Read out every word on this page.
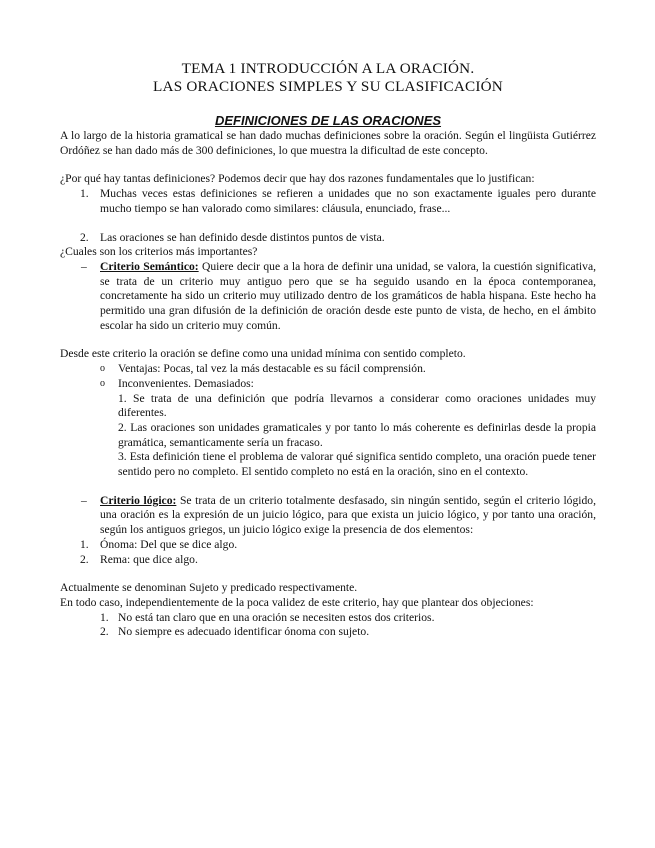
TEMA 1 INTRODUCCIÓN A LA ORACIÓN.
LAS ORACIONES SIMPLES Y SU CLASIFICACIÓN
DEFINICIONES DE LAS ORACIONES

A lo largo de la historia gramatical se han dado muchas definiciones sobre la oración. Según el lingüista Gutiérrez Ordóñez se han dado más de 300 definiciones, lo que muestra la dificultad de este concepto.

¿Por qué hay tantas definiciones? Podemos decir que hay dos razones fundamentales que lo justifican:

1. Muchas veces estas definiciones se refieren a unidades que no son exactamente iguales pero durante mucho tiempo se han valorado como similares: cláusula, enunciado, frase...
2. Las oraciones se han definido desde distintos puntos de vista.

¿Cuales son los criterios más importantes?

– Criterio Semántico: Quiere decir que a la hora de definir una unidad, se valora, la cuestión significativa, se trata de un criterio muy antiguo pero que se ha seguido usando en la época contemporanea, concretamente ha sido un criterio muy utilizado dentro de los gramáticos de habla hispana. Este hecho ha permitido una gran difusión de la definición de oración desde este punto de vista, de hecho, en el ámbito escolar ha sido un criterio muy común.

Desde este criterio la oración se define como una unidad mínima con sentido completo.

o Ventajas: Pocas, tal vez la más destacable es su fácil comprensión.
o Inconvenientes. Demasiados:

1. Se trata de una definición que podría llevarnos a considerar como oraciones unidades muy diferentes.

2. Las oraciones son unidades gramaticales y por tanto lo más coherente es definirlas desde la propia gramática, semanticamente sería un fracaso.

3. Esta definición tiene el problema de valorar qué significa sentido completo, una oración puede tener sentido pero no completo. El sentido completo no está en la oración, sino en el contexto.

– Criterio lógico: Se trata de un criterio totalmente desfasado, sin ningún sentido, según el criterio lógido, una oración es la expresión de un juicio lógico, para que exista un juicio lógico, y por tanto una oración, según los antiguos griegos, un juicio lógico exige la presencia de dos elementos:
1. Ónoma: Del que se dice algo.
2. Rema: que dice algo.

Actualmente se denominan Sujeto y predicado respectivamente.

En todo caso, independientemente de la poca validez de este criterio, hay que plantear dos objeciones:

1. No está tan claro que en una oración se necesiten estos dos criterios.
2. No siempre es adecuado identificar ónoma con sujeto.
